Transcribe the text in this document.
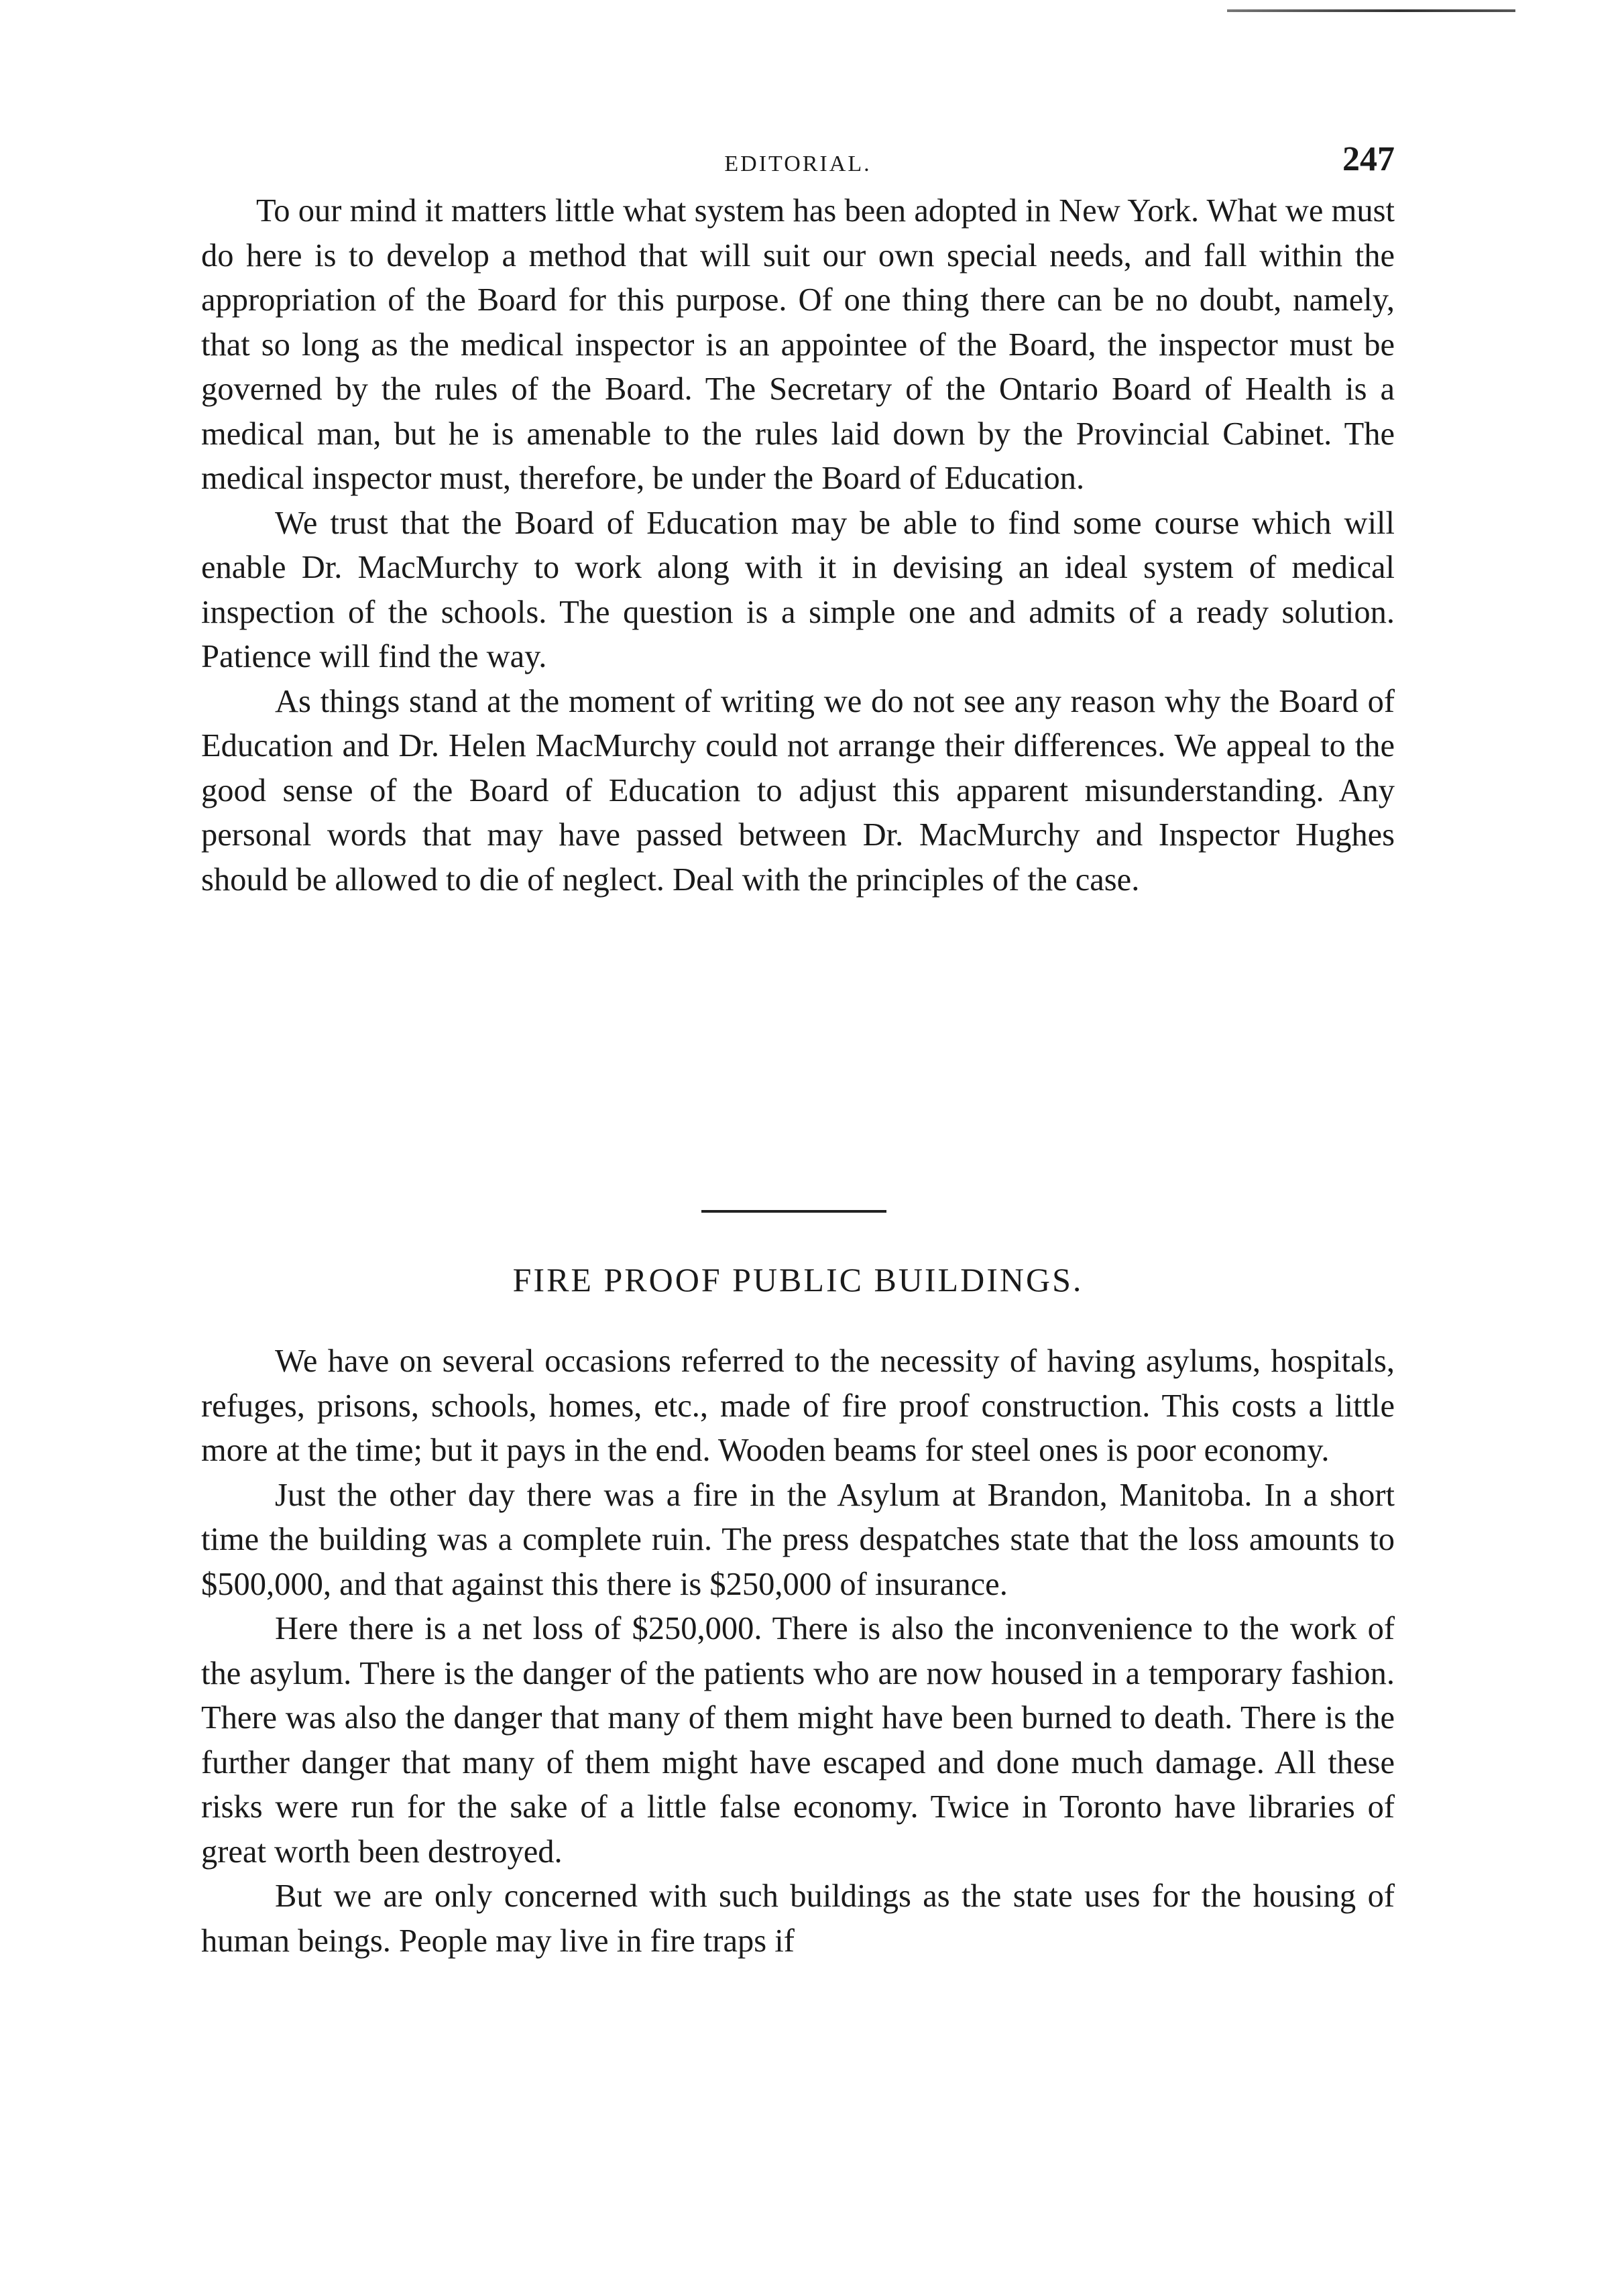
EDITORIAL.	247

To our mind it matters little what system has been adopted in New York. What we must do here is to develop a method that will suit our own special needs, and fall within the appropriation of the Board for this purpose. Of one thing there can be no doubt, namely, that so long as the medical inspector is an appointee of the Board, the inspector must be governed by the rules of the Board. The Secretary of the Ontario Board of Health is a medical man, but he is amenable to the rules laid down by the Provincial Cabinet. The medical inspector must, therefore, be under the Board of Education.

We trust that the Board of Education may be able to find some course which will enable Dr. MacMurchy to work along with it in devising an ideal system of medical inspection of the schools. The question is a simple one and admits of a ready solution. Patience will find the way.

As things stand at the moment of writing we do not see any reason why the Board of Education and Dr. Helen MacMurchy could not arrange their differences. We appeal to the good sense of the Board of Education to adjust this apparent misunderstanding. Any personal words that may have passed between Dr. MacMurchy and Inspector Hughes should be allowed to die of neglect. Deal with the principles of the case.

FIRE PROOF PUBLIC BUILDINGS.

We have on several occasions referred to the necessity of having asylums, hospitals, refuges, prisons, schools, homes, etc., made of fire proof construction. This costs a little more at the time; but it pays in the end. Wooden beams for steel ones is poor economy.

Just the other day there was a fire in the Asylum at Brandon, Manitoba. In a short time the building was a complete ruin. The press despatches state that the loss amounts to $500,000, and that against this there is $250,000 of insurance.

Here there is a net loss of $250,000. There is also the inconvenience to the work of the asylum. There is the danger of the patients who are now housed in a temporary fashion. There was also the danger that many of them might have been burned to death. There is the further danger that many of them might have escaped and done much damage. All these risks were run for the sake of a little false economy. Twice in Toronto have libraries of great worth been destroyed.

But we are only concerned with such buildings as the state uses for the housing of human beings. People may live in fire traps if
